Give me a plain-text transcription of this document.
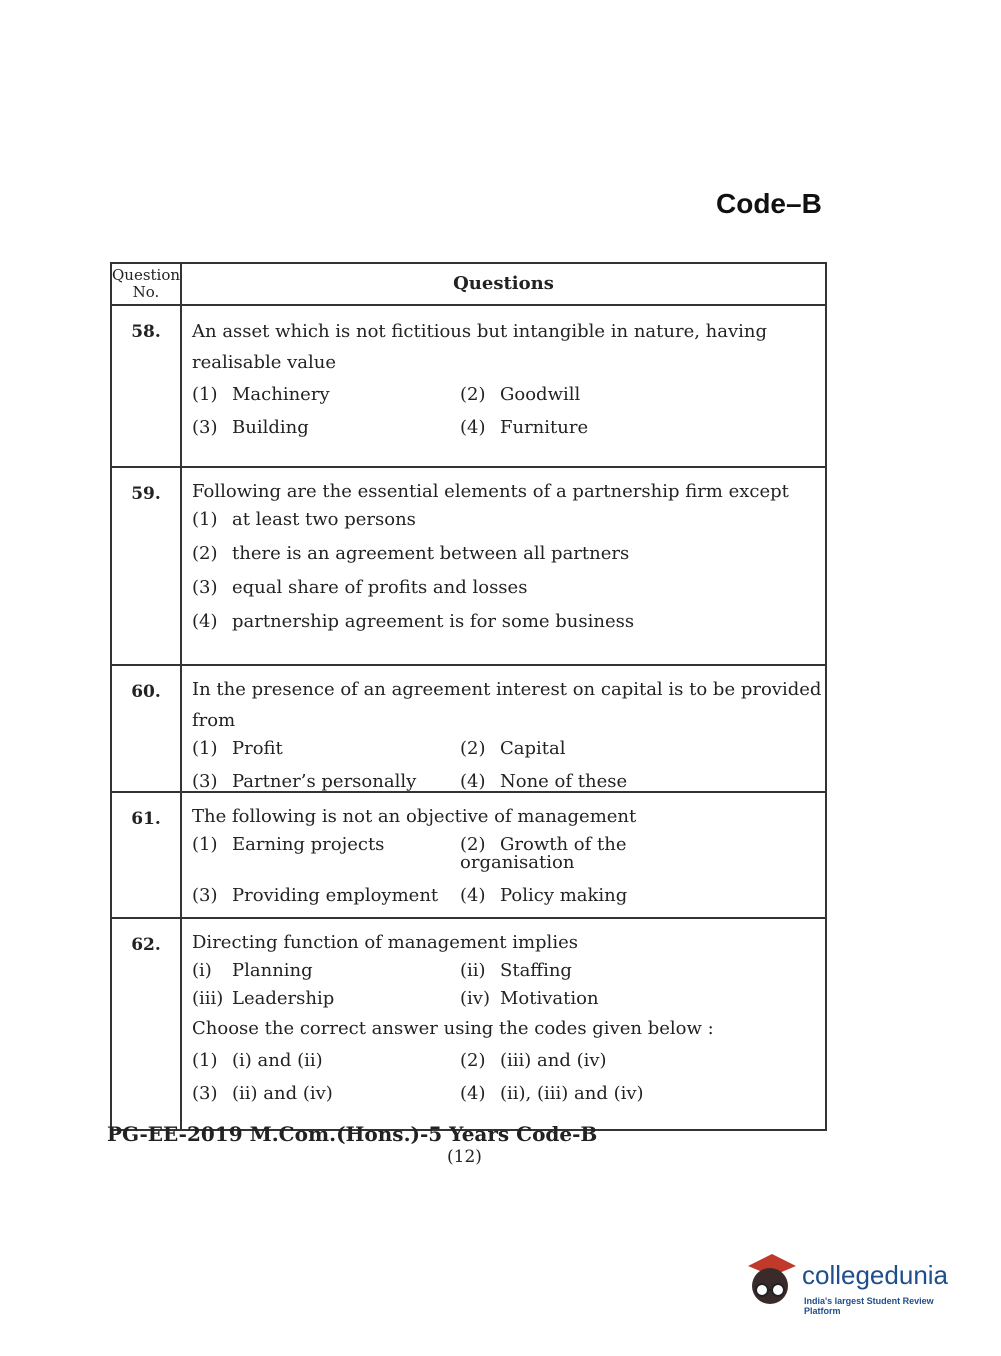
Code–B
Question
No.	Questions
58.	An asset which is not fictitious but intangible in nature, having realisable value
(1) Machinery	(2) Goodwill
(3) Building	(4) Furniture
59.	Following are the essential elements of a partnership firm except
(1) at least two persons
(2) there is an agreement between all partners
(3) equal share of profits and losses
(4) partnership agreement is for some business
60.	In the presence of an agreement interest on capital is to be provided from
(1) Profit	(2) Capital
(3) Partner’s personally	(4) None of these
61.	The following is not an objective of management
(1) Earning projects	(2) Growth of the organisation
(3) Providing employment	(4) Policy making
62.	Directing function of management implies
(i) Planning	(ii) Staffing
(iii) Leadership	(iv) Motivation
Choose the correct answer using the codes given below :
(1) (i) and (ii)	(2) (iii) and (iv)
(3) (ii) and (iv)	(4) (ii), (iii) and (iv)
PG-EE-2019 M.Com.(Hons.)-5 Years Code-B
(12)
collegedunia
India's largest Student Review Platform
